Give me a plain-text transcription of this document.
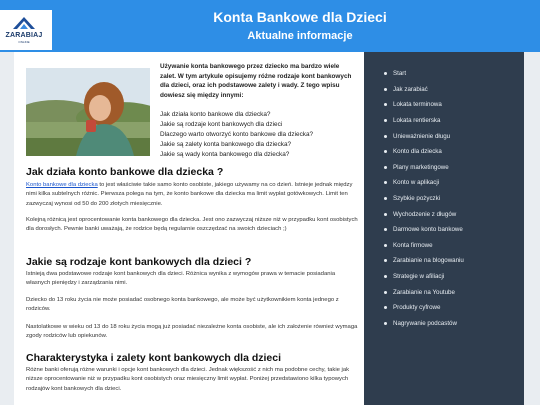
ZARABIAJ
ONLINE
Konta Bankowe dla Dzieci
Aktualne informacje
Używanie konta bankowego przez dziecko ma bardzo wiele zalet. W tym artykule opisujemy różne rodzaje kont bankowych dla dzieci, oraz ich podstawowe zalety i wady. Z tego wpisu dowiesz się między innymi:
Jak działa konto bankowe dla dziecka?
Jakie są rodzaje kont bankowych dla dzieci
Dlaczego warto otworzyć konto bankowe dla dziecka?
Jakie są zalety konta bankowego dla dziecka?
Jakie są wady konta bankowego dla dziecka?
Jak działa konto bankowe dla dziecka ?
Konto bankowe dla dziecka to jest właściwie takie samo konto osobiste, jakiego używamy na co dzień. Istnieje jednak między nimi kilka subtelnych różnic. Pierwsza polega na tym, że konto bankowe dla dziecka ma limit wypłat gotówkowych. Limit ten zazwyczaj wynosi od 50 do 200 złotych miesięcznie.
Kolejną różnicą jest oprocentowanie konta bankowego dla dziecka. Jest ono zazwyczaj niższe niż w przypadku kont osobistych dla dorosłych. Pewnie banki uważają, że rodzice będą regularnie oszczędzać na swoich dzieciach ;)
Jakie są rodzaje kont bankowych dla dzieci ?
Istnieją dwa podstawowe rodzaje kont bankowych dla dzieci. Różnica wynika z wymogów prawa w temacie posiadania własnych pieniędzy i zarządzania nimi.
Dziecko do 13 roku życia nie może posiadać osobnego konta bankowego, ale może być użytkownikiem konta jednego z rodziców.
Nastolatkowe w wieku od 13 do 18 roku życia mogą już posiadać niezależne konta osobiste, ale ich założenie również wymaga zgody rodziców lub opiekunów.
Charakterystyka i zalety kont bankowych dla dzieci
Różne banki oferują różne warunki i opcje kont bankowych dla dzieci. Jednak większość z nich ma podobne cechy, takie jak niższe oprocentowanie niż w przypadku kont osobistych oraz miesięczny limit wypłat. Poniżej przedstawiono kilka typowych rodzajów kont bankowych dla dzieci.
Start
Jak zarabiać
Lokata terminowa
Lokata rentierska
Unieważnienie długu
Konto dla dziecka
Plany marketingowe
Konto w aplikacji
Szybkie pożyczki
Wychodzenie z długów
Darmowe konto bankowe
Konta firmowe
Zarabianie na blogowaniu
Strategie w afiliacji
Zarabianie na Youtube
Produkty cyfrowe
Nagrywanie podcastów
